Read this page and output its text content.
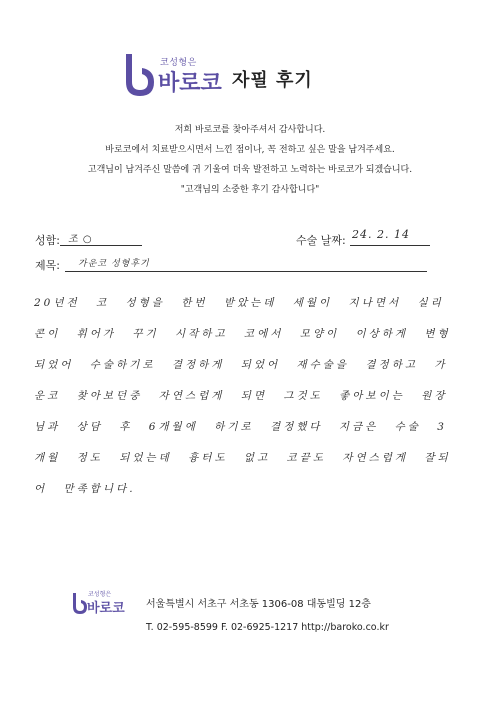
코성형은
바로코 자필 후기
저희 바로코를 찾아주셔서 감사합니다.
바로코에서 치료받으시면서 느낀 점이나, 꼭 전하고 싶은 말을 남겨주세요.
고객님이 남겨주신 말씀에 귀 기울여 더욱 발전하고 노력하는 바로코가 되겠습니다.
"고객님의 소중한 후기 감사합니다"
성함: 조 ○	수술 날짜: 24. 2. 14
제목: 가운코 성형후기
20년전 코 성형을 한번 받았는데 세월이 지나면서 실리콘이 휘어가 꾸기 시작하고 코에서 모양이 이상하게 변형되었어 수술하기로 결정하게 되었어 재수술을 결정하고 가운코 찾아보던중 자연스럽게 되면 그것도 좋아보이는 원장님과 상담 후 6개월에 하기로 결정했다 지금은 수술 3개월 정도 되었는데 흉터도 없고 코끝도 자연스럽게 잘되어 만족합니다.
코성형은
바로코 서울특별시 서초구 서초동 1306-08 대동빌딩 12층
T. 02-595-8599 F. 02-6925-1217 http://baroko.co.kr
